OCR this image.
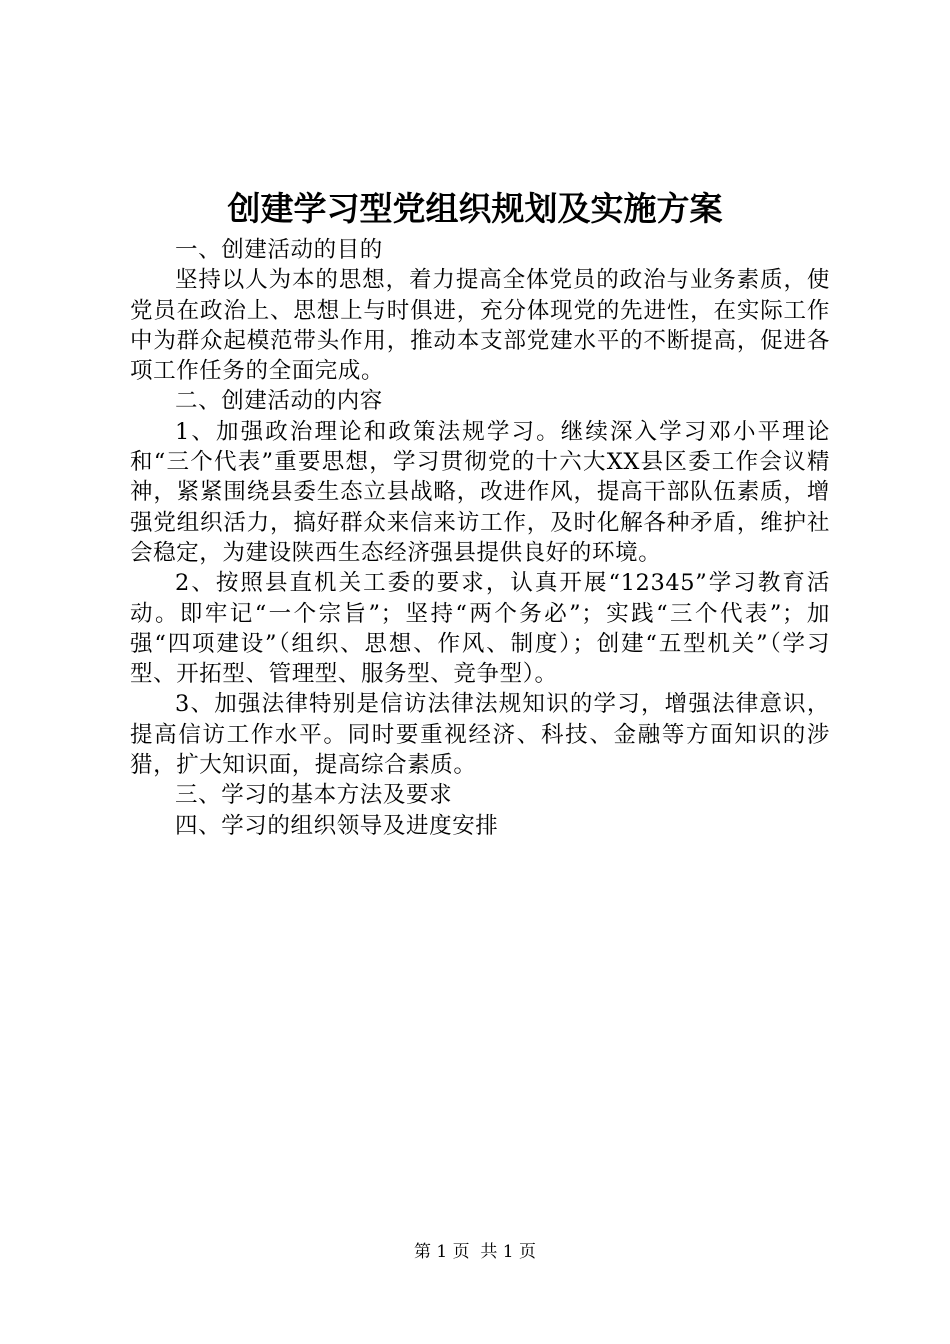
创建学习型党组织规划及实施方案

一、创建活动的目的

坚持以人为本的思想，着力提高全体党员的政治与业务素质，使党员在政治上、思想上与时俱进，充分体现党的先进性，在实际工作中为群众起模范带头作用，推动本支部党建水平的不断提高，促进各项工作任务的全面完成。

二、创建活动的内容

1、加强政治理论和政策法规学习。继续深入学习邓小平理论和“三个代表”重要思想，学习贯彻党的十六大XX县区委工作会议精神，紧紧围绕县委生态立县战略，改进作风，提高干部队伍素质，增强党组织活力，搞好群众来信来访工作，及时化解各种矛盾，维护社会稳定，为建设陕西生态经济强县提供良好的环境。

2、按照县直机关工委的要求，认真开展“12345”学习教育活动。即牢记“一个宗旨”；坚持“两个务必”；实践“三个代表”；加强“四项建设”（组织、思想、作风、制度）；创建“五型机关”（学习型、开拓型、管理型、服务型、竞争型）。

3、加强法律特别是信访法律法规知识的学习，增强法律意识，提高信访工作水平。同时要重视经济、科技、金融等方面知识的涉猎，扩大知识面，提高综合素质。

三、学习的基本方法及要求

四、学习的组织领导及进度安排

第 1 页 共 1 页
